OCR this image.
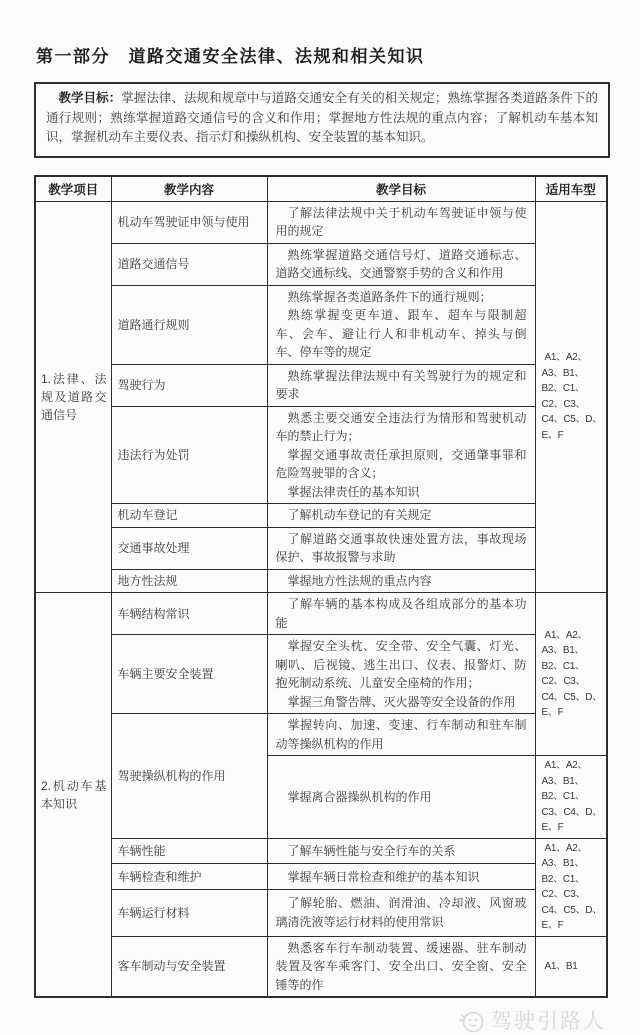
第一部分　道路交通安全法律、法规和相关知识

教学目标：掌握法律、法规和规章中与道路交通安全有关的相关规定；熟练掌握各类道路条件下的通行规则；熟练掌握道路交通信号的含义和作用；掌握地方性法规的重点内容；了解机动车基本知识，掌握机动车主要仪表、指示灯和操纵机构、安全装置的基本知识。

教学项目	教学内容	教学目标	适用车型
1.法律、法规及道路交通信号	机动车驾驶证申领与使用	了解法律法规中关于机动车驾驶证申领与使用的规定	A1、A2、A3、B1、B2、C1、C2、C3、C4、C5、D、E、F

	道路交通信号	熟练掌握道路交通信号灯、道路交通标志、道路交通标线、交通警察手势的含义和作用	

	道路通行规则	熟练掌握各类道路条件下的通行规则；

熟练掌握变更车道、跟车、超车与限制超车、会车、避让行人和非机动车、掉头与倒车、停车等的规定	

	驾驶行为	熟练掌握法律法规中有关驾驶行为的规定和要求	

	违法行为处罚	熟悉主要交通安全违法行为情形和驾驶机动车的禁止行为；

掌握交通事故责任承担原则，交通肇事罪和危险驾驶罪的含义；

掌握法律责任的基本知识	

	机动车登记	了解机动车登记的有关规定	

	交通事故处理	了解道路交通事故快速处置方法，事故现场保护、事故报警与求助	

	地方性法规	掌握地方性法规的重点内容	

2.机动车基本知识	车辆结构常识	了解车辆的基本构成及各组成部分的基本功能	A1、A2、A3、B1、B2、C1、C2、C3、C4、C5、D、E、F

	车辆主要安全装置	掌握安全头枕、安全带、安全气囊、灯光、喇叭、后视镜、逃生出口、仪表、报警灯、防抱死制动系统、儿童安全座椅的作用；

掌握三角警告牌、灭火器等安全设备的作用	

	驾驶操纵机构的作用	掌握转向、加速、变速、行车制动和驻车制动等操纵机构的作用	

		掌握离合器操纵机构的作用	A1、A2、A3、B1、B2、C1、C3、C4、D、E、F

	车辆性能	了解车辆性能与安全行车的关系	A1、A2、A3、B1、B2、C1、C2、C3、C4、C5、D、E、F

	车辆检查和维护	掌握车辆日常检查和维护的基本知识	

	车辆运行材料	了解轮胎、燃油、润滑油、冷却液、风窗玻璃清洗液等运行材料的使用常识	

	客车制动与安全装置	熟悉客车行车制动装置、缓速器、驻车制动装置及客车乘客门、安全出口、安全窗、安全锤等的作	A1、B1
驾驶引路人
